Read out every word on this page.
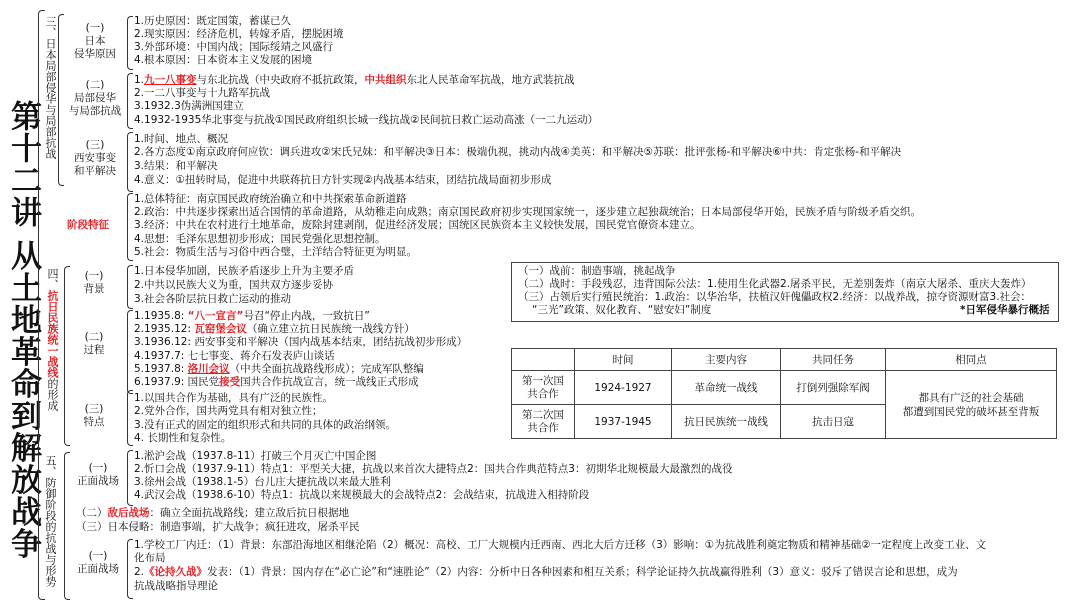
第十二讲 从土地革命到解放战争
三、日本局部侵华与局部抗战
四、抗日民族统一战线的形成
五、防御阶段的抗战与形势
(一)
日本
侵华原因
(二)
局部侵华
与局部抗战
(三)
西安事变
和平解决
阶段特征
1.历史原因：既定国策，蓄谋已久
2.现实原因：经济危机，转嫁矛盾，摆脱困境
3.外部环境：中国内战；国际绥靖之风盛行
4.根本原因：日本资本主义发展的困境
1.九一八事变与东北抗战（中央政府不抵抗政策，中共组织东北人民革命军抗战，地方武装抗战
2.一二八事变与十九路军抗战
3.1932.3伪满洲国建立
4.1932-1935华北事变与抗战①国民政府组织长城一线抗战②民间抗日救亡运动高涨（一二九运动）
1.时间、地点、概况
2.各方态度①南京政府何应钦：调兵进攻②宋氏兄妹：和平解决③日本：极端仇视，挑动内战④美英：和平解决⑤苏联：批评张杨-和平解决⑥中共：肯定张杨-和平解决
3.结果：和平解决
4.意义：①扭转时局，促进中共联蒋抗日方针实现②内战基本结束，团结抗战局面初步形成
1.总体特征：南京国民政府统治确立和中共探索革命新道路
2.政治：中共逐步探索出适合国情的革命道路，从幼稚走向成熟；南京国民政府初步实现国家统一，逐步建立起独裁统治；日本局部侵华开始，民族矛盾与阶级矛盾交织。
3.经济：中共在农村进行土地革命，废除封建剥削，促进经济发展；国统区民族资本主义较快发展，国民党官僚资本建立。
4.思想：毛泽东思想初步形成；国民党强化思想控制。
5.社会：物质生活与习俗中西合璧，土洋结合特征更为明显。
(一)
背景
(二)
过程
(三)
特点
1.日本侵华加剧，民族矛盾逐步上升为主要矛盾
2.中共以民族大义为重，国共双方逐步妥协
3.社会各阶层抗日救亡运动的推动
1.1935.8: “八一宣言”号召“停止内战，一致抗日”
2.1935.12: 瓦窑堡会议（确立建立抗日民族统一战线方针）
3.1936.12: 西安事变和平解决（国内战基本结束，团结抗战初步形成）
4.1937.7: 七七事变、蒋介石发表庐山谈话
5.1937.8: 洛川会议（中共全面抗战路线形成）；完成军队整编
6.1937.9: 国民党接受国共合作抗战宣言，统一战线正式形成
1.以国共合作为基础，具有广泛的民族性。
2.党外合作，国共两党具有相对独立性；
3.没有正式的固定的组织形式和共同的具体的政治纲领。
4. 长期性和复杂性。
（一）战前：制造事端，挑起战争
（二）战时：手段残忍，违背国际公法：1.使用生化武器2.屠杀平民，无差别轰炸（南京大屠杀、重庆大轰炸）
（三）占领后实行殖民统治：1.政治：以华治华，扶植汉奸傀儡政权2.经济：以战养战，掠夺资源财富3.社会：
“三光”政策、奴化教育、“慰安妇”制度	*日军侵华暴行概括
	时间	主要内容	共同任务	相同点

第一次国共合作	1924-1927	革命统一战线	打倒列强除军阀	都具有广泛的社会基础
都遭到国民党的破坏甚至背叛

第二次国共合作	1937-1945	抗日民族统一战线	抗击日寇	
(一)
正面战场
1.淞沪会战（1937.8-11）打破三个月灭亡中国企图
2.忻口会战（1937.9-11）特点1：平型关大捷，抗战以来首次大捷特点2：国共合作典范特点3：初期华北规模最大最激烈的战役
3.徐州会战（1938.1-5）台儿庄大捷抗战以来最大胜利
4.武汉会战（1938.6-10）特点1：抗战以来规模最大的会战特点2：会战结束，抗战进入相持阶段
（二）敌后战场：确立全面抗战路线；建立敌后抗日根据地
（三）日本侵略：制造事端，扩大战争；疯狂进攻，屠杀平民
(一)
正面战场
1.学校工厂内迁：（1）背景：东部沿海地区相继沦陷（2）概况：高校、工厂大规模内迁西南、西北大后方迁移（3）影响：①为抗战胜利奠定物质和精神基础②一定程度上改变工业、文
化布局
2.《论持久战》发表：（1）背景：国内存在“必亡论”和“速胜论”（2）内容：分析中日各种因素和相互关系；科学论证持久抗战赢得胜利（3）意义：驳斥了错误言论和思想，成为
抗战战略指导理论
